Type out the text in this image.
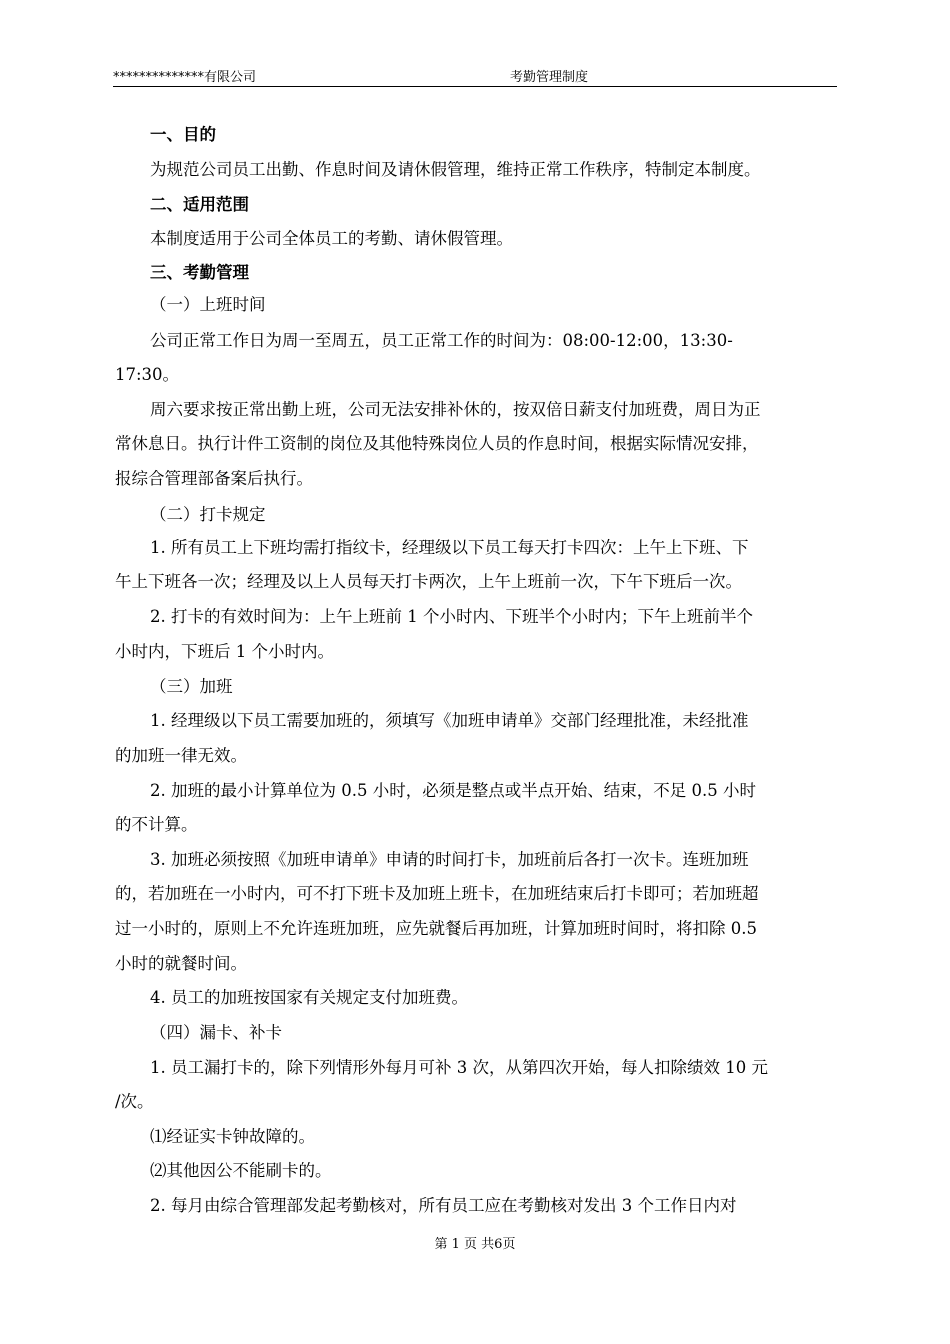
**************有限公司	考勤管理制度
一、目的
为规范公司员工出勤、作息时间及请休假管理，维持正常工作秩序，特制定本制度。
二、适用范围
本制度适用于公司全体员工的考勤、请休假管理。
三、考勤管理
（一）上班时间
公司正常工作日为周一至周五，员工正常工作的时间为：08:00-12:00，13:30-
17:30。
周六要求按正常出勤上班，公司无法安排补休的，按双倍日薪支付加班费，周日为正
常休息日。执行计件工资制的岗位及其他特殊岗位人员的作息时间，根据实际情况安排，
报综合管理部备案后执行。
（二）打卡规定
1. 所有员工上下班均需打指纹卡，经理级以下员工每天打卡四次：上午上下班、下
午上下班各一次；经理及以上人员每天打卡两次，上午上班前一次，下午下班后一次。
2. 打卡的有效时间为：上午上班前 1 个小时内、下班半个小时内；下午上班前半个
小时内，下班后 1 个小时内。
（三）加班
1. 经理级以下员工需要加班的，须填写《加班申请单》交部门经理批准，未经批准
的加班一律无效。
2. 加班的最小计算单位为 0.5 小时，必须是整点或半点开始、结束，不足 0.5 小时
的不计算。
3. 加班必须按照《加班申请单》申请的时间打卡，加班前后各打一次卡。连班加班
的，若加班在一小时内，可不打下班卡及加班上班卡，在加班结束后打卡即可；若加班超
过一小时的，原则上不允许连班加班，应先就餐后再加班，计算加班时间时，将扣除 0.5
小时的就餐时间。
4. 员工的加班按国家有关规定支付加班费。
（四）漏卡、补卡
1. 员工漏打卡的，除下列情形外每月可补 3 次，从第四次开始，每人扣除绩效 10 元
/次。
⑴经证实卡钟故障的。
⑵其他因公不能刷卡的。
2. 每月由综合管理部发起考勤核对，所有员工应在考勤核对发出 3 个工作日内对
第 1 页 共6页
